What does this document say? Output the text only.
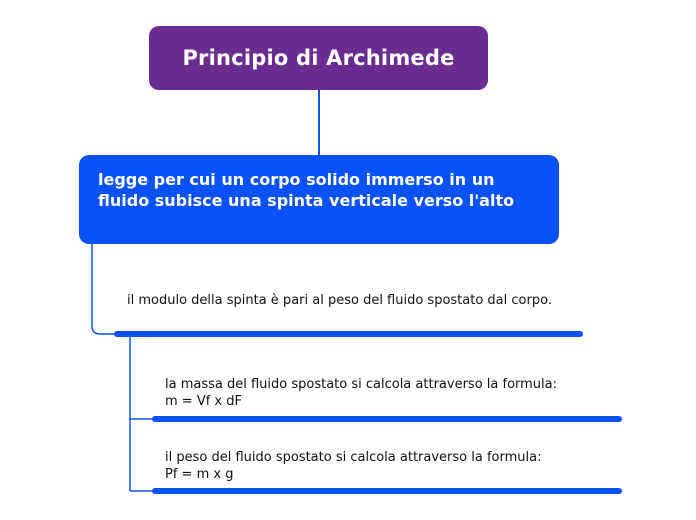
Principio di Archimede

legge per cui un corpo solido immerso in un fluido subisce una spinta verticale verso l'alto

il modulo della spinta è pari al peso del fluido spostato dal corpo.
la massa del fluido spostato si calcola attraverso la formula:
m = Vf x dF
il peso del fluido spostato si calcola attraverso la formula:
Pf = m x g
